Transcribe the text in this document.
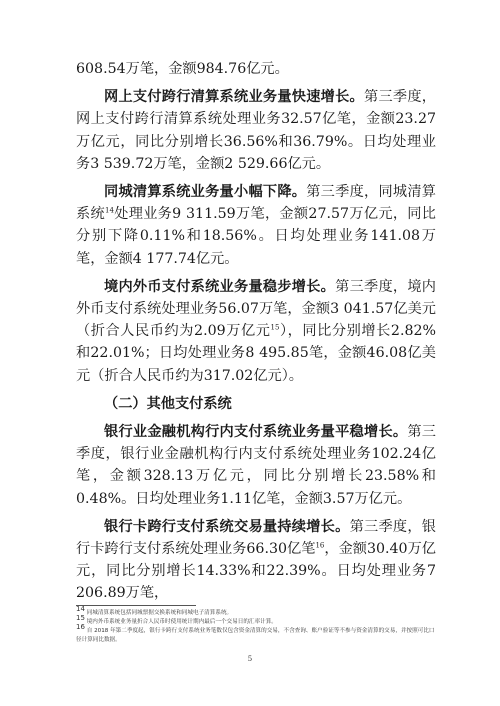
608.54万笔，金额984.76亿元。

网上支付跨行清算系统业务量快速增长。第三季度，网上支付跨行清算系统处理业务32.57亿笔，金额23.27万亿元，同比分别增长36.56%和36.79%。日均处理业务3 539.72万笔，金额2 529.66亿元。

同城清算系统业务量小幅下降。第三季度，同城清算系统$^{14}$处理业务9 311.59万笔，金额27.57万亿元，同比分别下降0.11%和18.56%。日均处理业务141.08万笔，金额4 177.74亿元。

境内外币支付系统业务量稳步增长。第三季度，境内外币支付系统处理业务56.07万笔，金额3 041.57亿美元（折合人民币约为2.09万亿元$^{15}$），同比分别增长2.82%和22.01%；日均处理业务8 495.85笔，金额46.08亿美元（折合人民币约为317.02亿元）。

（二）其他支付系统

银行业金融机构行内支付系统业务量平稳增长。第三季度，银行业金融机构行内支付系统处理业务102.24亿笔，金额328.13万亿元，同比分别增长23.58%和0.48%。日均处理业务1.11亿笔，金额3.57万亿元。

银行卡跨行支付系统交易量持续增长。第三季度，银行卡跨行支付系统处理业务66.30亿笔$^{16}$，金额30.40万亿元，同比分别增长14.33%和22.39%。日均处理业务7 206.89万笔，

$^{14}$ 同城清算系统包括同城票据交换系统和同城电子清算系统。
$^{15}$ 境内外币系统业务量折合人民币时使用统计期内最后一个交易日的汇率计算。
$^{16}$ 自 2018 年第二季度起，银行卡跨行支付系统业务笔数仅包含资金清算的交易，不含查询、账户验证等不参与资金清算的交易，并按照可比口径计算同比数据。
5
